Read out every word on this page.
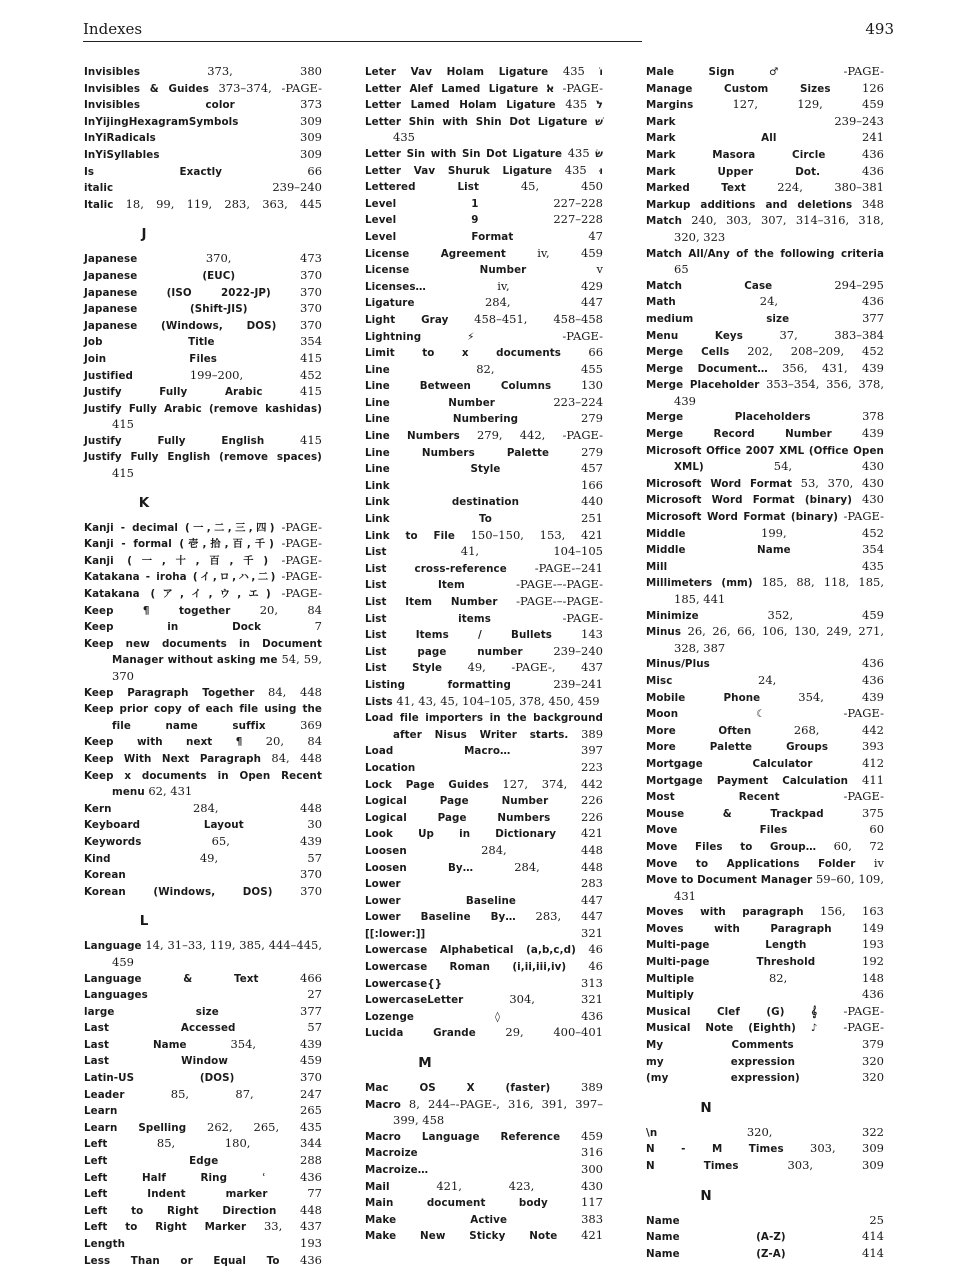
Indexes	493
Invisibles	373, 380
Invisibles & Guides 373–374, -PAGE-
Invisibles color	373
InYijingHexagramSymbols	309
InYiRadicals	309
InYiSyllables	309
Is Exactly	66
italic	239–240
Italic 18, 99, 119, 283, 363, 445
J
Japanese	370, 473
Japanese (EUC)	370
Japanese (ISO 2022-JP)	370
Japanese (Shift-JIS)	370
Japanese (Windows, DOS) 370
Job Title	354
Join Files	415
Justified	199–200, 452
Justify Fully Arabic	415
Justify Fully Arabic (remove kashidas) 415
Justify Fully English	415
Justify Fully English (remove spaces) 415
K
Kanji - decimal (一,二,三,四) -PAGE-
Kanji - formal (壱,拾,百,千) -PAGE-
Kanji (一,十,百,千) -PAGE-
Katakana - iroha (イ,ロ,ハ,二) -PAGE-
Katakana (ア,イ,ウ,エ) -PAGE-
Keep ¶ together	20, 84
Keep in Dock	7
Keep new documents in Document Manager without asking me 54, 59, 370
Keep Paragraph Together 84, 448
Keep prior copy of each file using the file name suffix	369
Keep with next ¶ 20, 84
Keep With Next Paragraph 84, 448
Keep x documents in Open Recent menu 62, 431
Kern	284, 448
Keyboard Layout	30
Keywords	65, 439
Kind	49, 57
Korean	370
Korean (Windows, DOS) 370
L
Language 14, 31–33, 119, 385, 444–445, 459
Language & Text	466
Languages	27
large size	377
Last Accessed	57
Last Name	354, 439
Last Window	459
Latin-US (DOS)	370
Leader	85, 87, 247
Learn	265
Learn Spelling 262, 265, 435
Left	85, 180, 344
Left Edge	288
Left Half Ring ʿ	436
Left Indent marker	77
Left to Right Direction 448
Left to Right Marker 33, 437
Length	193
Less Than or Equal To 436
Leter Vav Holam Ligature וֹ 435
Letter Alef Lamed Ligature ﭏ -PAGE-
Letter Lamed Holam Ligature לֹ 435
Letter Shin with Shin Dot Ligature שׁ 435
Letter Sin with Sin Dot Ligature שׂ 435
Letter Vav Shuruk Ligature וּ 435
Lettered List	45, 450
Level 1	227–228
Level 9	227–228
Level Format	47
License Agreement	iv, 459
License Number	v
Licenses…	iv, 429
Ligature	284, 447
Light Gray 458–451, 458–458
Lightning ⚡	-PAGE-
Limit to x documents 66
Line	82, 455
Line Between Columns	130
Line Number	223–224
Line Numbering	279
Line Numbers 279, 442, -PAGE-
Line Numbers Palette	279
Line Style	457
Link	166
Link destination	440
Link To	251
Link to File 150–150, 153, 421
List	41, 104–105
List cross-reference -PAGE-–241
List Item	-PAGE-–-PAGE-
List Item Number -PAGE-–-PAGE-
List items	-PAGE-
List Items / Bullets	143
List page number	239–240
List Style 49, -PAGE-, 437
Listing formatting	239–241
Lists 41, 43, 45, 104–105, 378, 450, 459
Load file importers in the background after Nisus Writer starts. 389
Load Macro…	397
Location	223
Lock Page Guides 127, 374, 442
Logical Page Number	226
Logical Page Numbers	226
Look Up in Dictionary 421
Loosen	284, 448
Loosen By…	284, 448
Lower	283
Lower Baseline	447
Lower Baseline By… 283, 447
[[:lower:]]	321
Lowercase Alphabetical (a,b,c,d) 46
Lowercase Roman (i,ii,iii,iv) 46
Lowercase{}	313
LowercaseLetter	304, 321
Lozenge ◊	436
Lucida Grande	29, 400–401
M
Mac OS X (faster)	389
Macro 8, 244–-PAGE-, 316, 391, 397–399, 458
Macro Language Reference 459
Macroize	316
Macroize…	300
Mail	421, 423, 430
Main document body	117
Make Active	383
Make New Sticky Note 421
Male Sign ♂	-PAGE-
Manage Custom Sizes	126
Margins	127, 129, 459
Mark	239–243
Mark All	241
Mark Masora Circle	436
Mark Upper Dot.	436
Marked Text	224, 380–381
Markup additions and deletions 348
Match 240, 303, 307, 314–316, 318, 320, 323
Match All/Any of the following criteria 65
Match Case	294–295
Math	24, 436
medium size	377
Menu Keys	37, 383–384
Merge Cells 202, 208–209, 452
Merge Document… 356, 431, 439
Merge Placeholder 353–354, 356, 378, 439
Merge Placeholders	378
Merge Record Number	439
Microsoft Office 2007 XML (Office Open XML)	54, 430
Microsoft Word Format 53, 370, 430
Microsoft Word Format (binary) 430
Microsoft Word Format (binary) -PAGE-
Middle	199, 452
Middle Name	354
Mill	435
Millimeters (mm) 185, 88, 118, 185, 185, 441
Minimize	352, 459
Minus 26, 26, 66, 106, 130, 249, 271, 328, 387
Minus/Plus	436
Misc	24, 436
Mobile Phone	354, 439
Moon ☾	-PAGE-
More Often	268, 442
More Palette Groups	393
Mortgage Calculator	412
Mortgage Payment Calculation 411
Most Recent	-PAGE-
Mouse & Trackpad	375
Move Files	60
Move Files to Group… 60, 72
Move to Applications Folder iv
Move to Document Manager 59–60, 109, 431
Moves with paragraph 156, 163
Moves with Paragraph	149
Multi-page Length	193
Multi-page Threshold	192
Multiple	82, 148
Multiply	436
Musical Clef (G) 𝄞 -PAGE-
Musical Note (Eighth) ♪ -PAGE-
My Comments	379
my expression	320
(my expression)	320
N
\n	320, 322
N - M Times 303, 309
N Times	303, 309
N
Name	25
Name (A-Z)	414
Name (Z-A)	414
